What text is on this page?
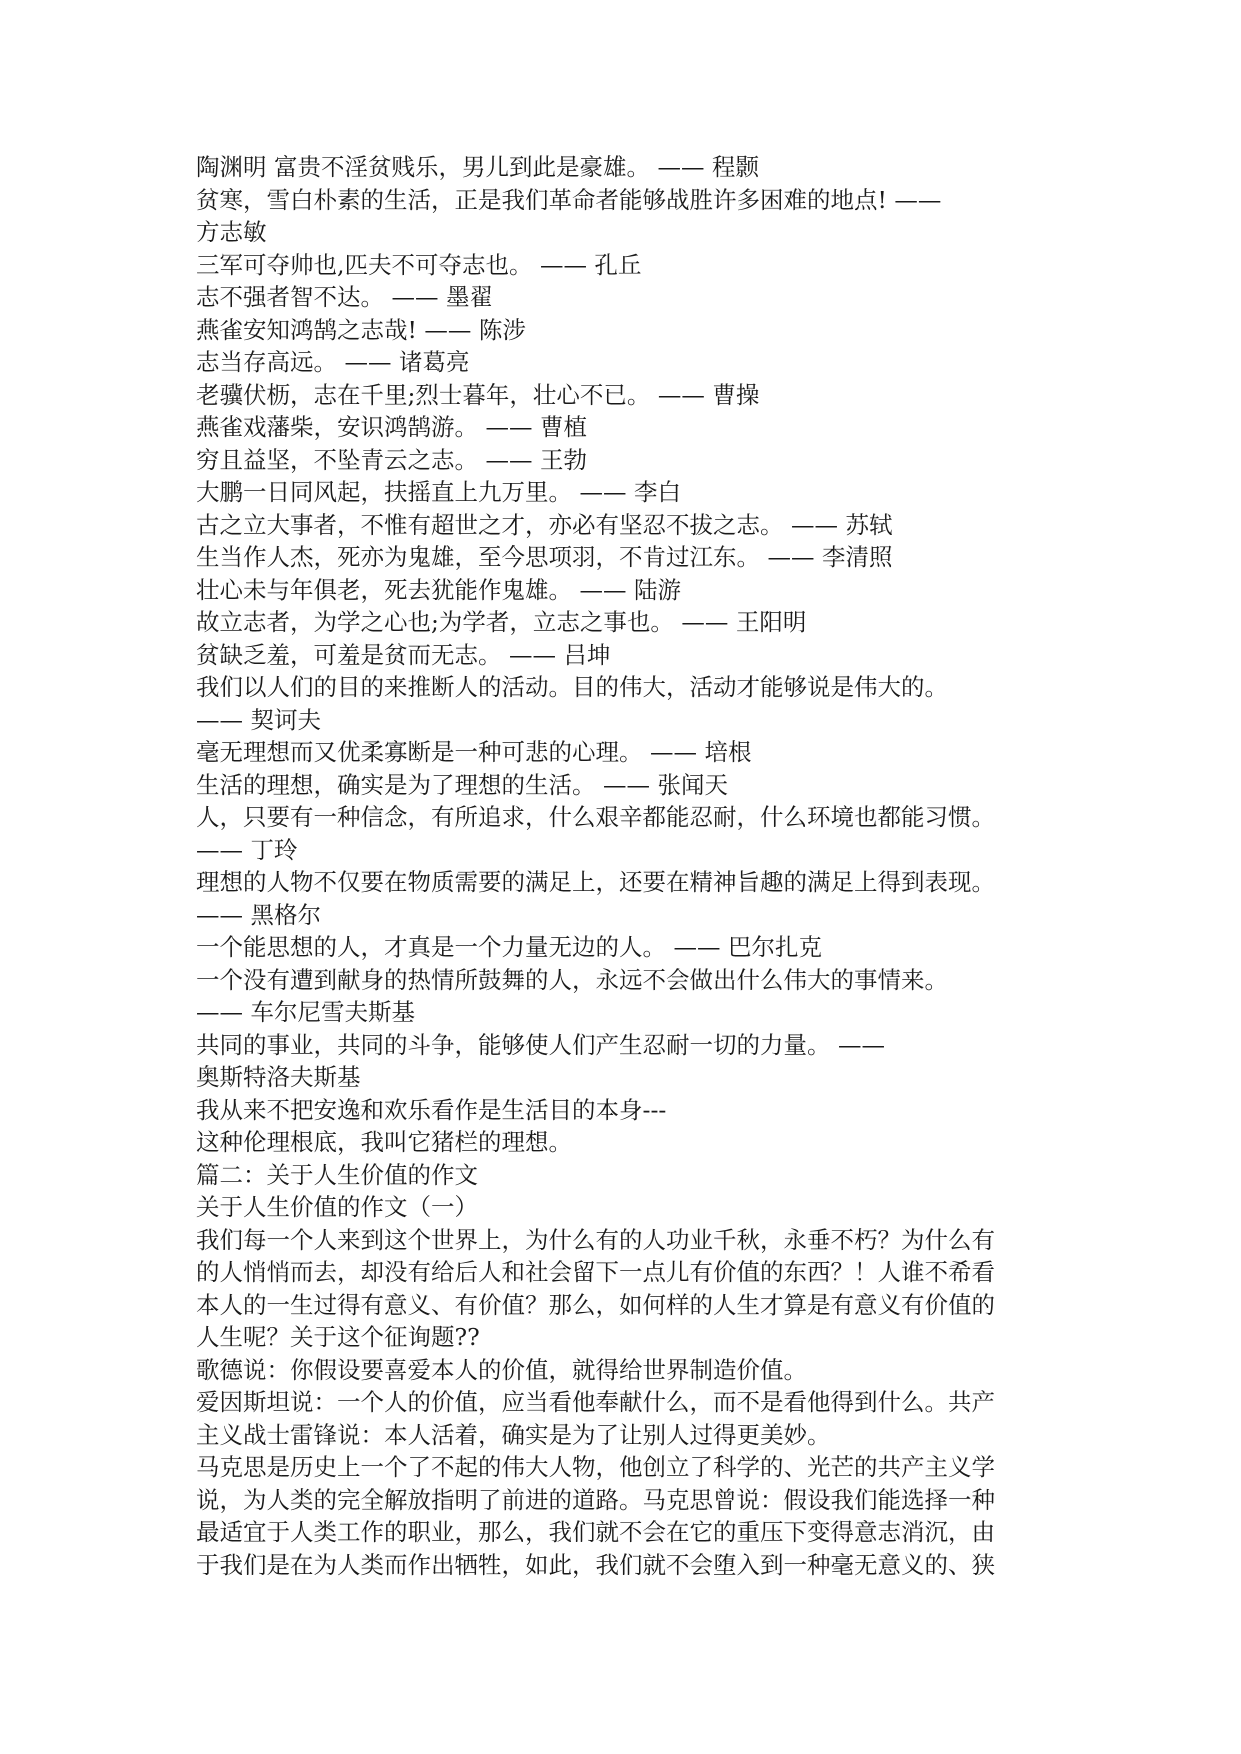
陶渊明 富贵不淫贫贱乐，男儿到此是豪雄。 —— 程颢
贫寒，雪白朴素的生活，正是我们革命者能够战胜许多困难的地点! ——
方志敏
三军可夺帅也,匹夫不可夺志也。 —— 孔丘
志不强者智不达。 —— 墨翟
燕雀安知鸿鹄之志哉! —— 陈涉
志当存高远。 —— 诸葛亮
老骥伏枥，志在千里;烈士暮年，壮心不已。 —— 曹操
燕雀戏藩柴，安识鸿鹄游。 —— 曹植
穷且益坚，不坠青云之志。 —— 王勃
大鹏一日同风起，扶摇直上九万里。 —— 李白
古之立大事者，不惟有超世之才，亦必有坚忍不拔之志。 —— 苏轼
生当作人杰，死亦为鬼雄，至今思项羽，不肯过江东。 —— 李清照
壮心未与年俱老，死去犹能作鬼雄。 —— 陆游
故立志者，为学之心也;为学者，立志之事也。 —— 王阳明
贫缺乏羞，可羞是贫而无志。 —— 吕坤
我们以人们的目的来推断人的活动。目的伟大，活动才能够说是伟大的。
—— 契诃夫
毫无理想而又优柔寡断是一种可悲的心理。 —— 培根
生活的理想，确实是为了理想的生活。 —— 张闻天
人，只要有一种信念，有所追求，什么艰辛都能忍耐，什么环境也都能习惯。
—— 丁玲
理想的人物不仅要在物质需要的满足上，还要在精神旨趣的满足上得到表现。
—— 黑格尔
一个能思想的人，才真是一个力量无边的人。 —— 巴尔扎克
一个没有遭到献身的热情所鼓舞的人，永远不会做出什么伟大的事情来。
—— 车尔尼雪夫斯基
共同的事业，共同的斗争，能够使人们产生忍耐一切的力量。 ——
奥斯特洛夫斯基
我从来不把安逸和欢乐看作是生活目的本身---
这种伦理根底，我叫它猪栏的理想。
篇二：关于人生价值的作文
关于人生价值的作文（一）
我们每一个人来到这个世界上，为什么有的人功业千秋，永垂不朽？为什么有
的人悄悄而去，却没有给后人和社会留下一点儿有价值的东西？！人谁不希看
本人的一生过得有意义、有价值？那么，如何样的人生才算是有意义有价值的
人生呢？关于这个征询题??
歌德说：你假设要喜爱本人的价值，就得给世界制造价值。
爱因斯坦说：一个人的价值，应当看他奉献什么，而不是看他得到什么。共产
主义战士雷锋说：本人活着，确实是为了让别人过得更美妙。
马克思是历史上一个了不起的伟大人物，他创立了科学的、光芒的共产主义学
说，为人类的完全解放指明了前进的道路。马克思曾说：假设我们能选择一种
最适宜于人类工作的职业，那么，我们就不会在它的重压下变得意志消沉，由
于我们是在为人类而作出牺牲，如此，我们就不会堕入到一种毫无意义的、狭
